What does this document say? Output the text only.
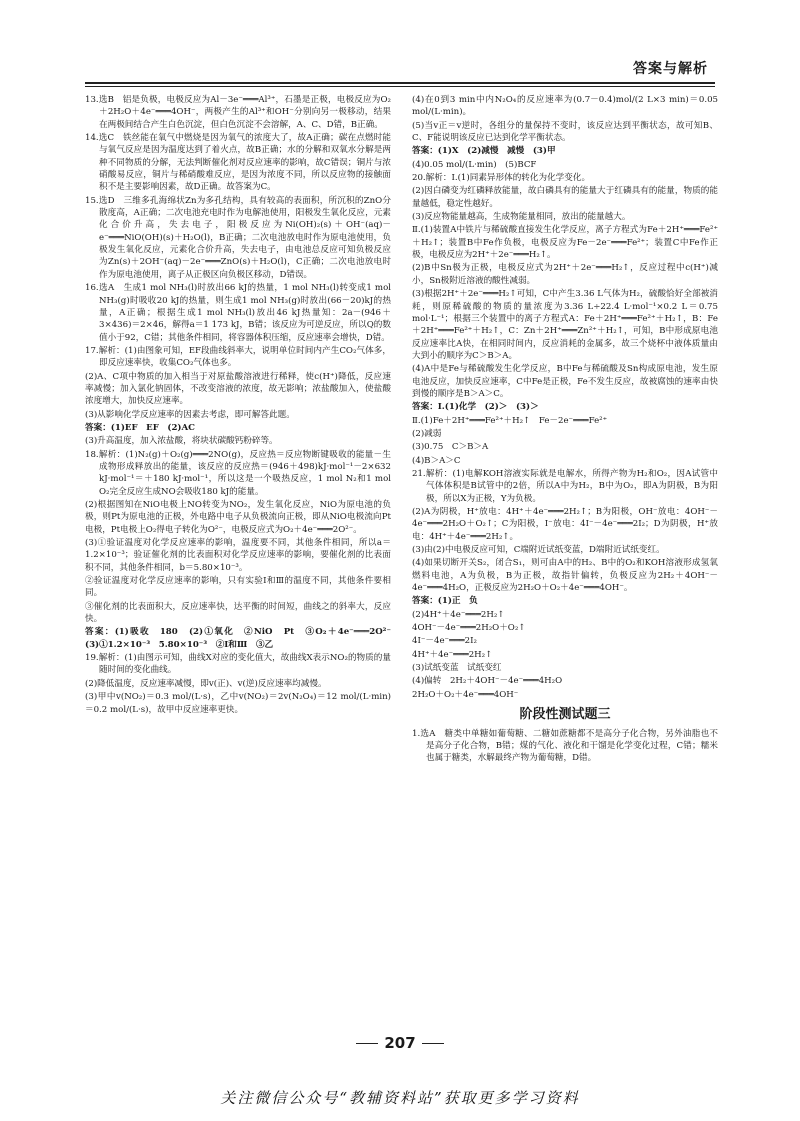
答案与解析

13.选B　铝是负极，电极反应为Al－3e⁻═══Al³⁺，石墨是正极，电极反应为O₂＋2H₂O＋4e⁻═══4OH⁻，两极产生的Al³⁺和OH⁻分别向另一极移动，结果在两极间结合产生白色沉淀，但白色沉淀不会溶解，A、C、D错，B正确。

14.选C　铁丝能在氧气中燃烧是因为氧气的浓度大了，故A正确；碳在点燃时能与氧气反应是因为温度达到了着火点，故B正确；水的分解和双氧水分解是两种不同物质的分解，无法判断催化剂对反应速率的影响，故C错误；铜片与浓硝酸易反应，铜片与稀硝酸难反应，是因为浓度不同，所以反应物的接触面积不是主要影响因素，故D正确。故答案为C。

15.选D　三维多孔海绵状Zn为多孔结构，具有较高的表面积，所沉积的ZnO分散度高，A正确；二次电池充电时作为电解池使用，阳极发生氧化反应，元素化合价升高，失去电子，阳极反应为Ni(OH)₂(s)＋OH⁻(aq)－e⁻═══NiO(OH)(s)＋H₂O(l)，B正确；二次电池放电时作为原电池使用，负极发生氧化反应，元素化合价升高，失去电子，由电池总反应可知负极反应为Zn(s)＋2OH⁻(aq)－2e⁻═══ZnO(s)＋H₂O(l)，C正确；二次电池放电时作为原电池使用，离子从正极区向负极区移动，D错误。

16.选A　生成1 mol NH₃(l)时放出66 kJ的热量，1 mol NH₃(l)转变成1 mol NH₃(g)时吸收20 kJ的热量，则生成1 mol NH₃(g)时放出(66－20)kJ的热量，A正确；根据生成1 mol NH₃(l)放出46 kJ热量知：2a－(946＋3×436)＝2×46，解得a＝1 173 kJ，B错；该反应为可逆反应，所以Q的数值小于92，C错；其他条件相同，将容器体积压缩，反应速率会增快，D错。

17.解析：(1)由图象可知，EF段曲线斜率大，说明单位时间内产生CO₂气体多，即反应速率快，收集CO₂气体也多。

(2)A、C项中物质的加入相当于对原盐酸溶液进行稀释，使c(H⁺)降低，反应速率减慢；加入氯化钠固体，不改变溶液的浓度，故无影响；浓盐酸加入，使盐酸浓度增大，加快反应速率。

(3)从影响化学反应速率的因素去考虑，即可解答此题。

答案：(1)EF　EF　(2)AC

(3)升高温度，加入浓盐酸，将块状碳酸钙粉碎等。

18.解析：(1)N₂(g)＋O₂(g)═══2NO(g)，反应热＝反应物断键吸收的能量－生成物形成释放出的能量，该反应的反应热＝(946＋498)kJ·mol⁻¹－2×632 kJ·mol⁻¹＝＋180 kJ·mol⁻¹，所以这是一个吸热反应，1 mol N₂和1 mol O₂完全反应生成NO会吸收180 kJ的能量。

(2)根据图知在NiO电极上NO转变为NO₂，发生氧化反应，NiO为原电池的负极，则Pt为原电池的正极，外电路中电子从负极流向正极，即从NiO电极流向Pt电极，Pt电极上O₂得电子转化为O²⁻，电极反应式为O₂＋4e⁻═══2O²⁻。

(3)①验证温度对化学反应速率的影响，温度要不同，其他条件相同，所以a＝1.2×10⁻³；验证催化剂的比表面积对化学反应速率的影响，要催化剂的比表面积不同，其他条件相同，b＝5.80×10⁻³。

②验证温度对化学反应速率的影响，只有实验Ⅰ和Ⅲ的温度不同，其他条件要相同。

③催化剂的比表面积大，反应速率快，达平衡的时间短，曲线之的斜率大，反应快。

答案：(1)吸收　180　(2)①氧化　②NiO　Pt　③O₂＋4e⁻═══2O²⁻　(3)①1.2×10⁻³　5.80×10⁻³　②Ⅰ和Ⅲ　③乙

19.解析：(1)由图示可知，曲线X对应的变化值大，故曲线X表示NO₂的物质的量随时间的变化曲线。

(2)降低温度，反应速率减慢，即v(正)、v(逆)反应速率均减慢。

(3)甲中v(NO₂)＝0.3 mol/(L·s)，乙中v(NO₂)＝2v(N₂O₄)＝12 mol/(L·min)＝0.2 mol/(L·s)，故甲中反应速率更快。

(4)在0到3 min中内N₂O₄的反应速率为(0.7－0.4)mol/(2 L×3 min)＝0.05 mol/(L·min)。

(5)当v正＝v逆时，各组分的量保持不变时，该反应达到平衡状态，故可知B、C、F能说明该反应已达到化学平衡状态。

答案：(1)X　(2)减慢　减慢　(3)甲

(4)0.05 mol/(L·min)　(5)BCF

20.解析：Ⅰ.(1)同素异形体的转化为化学变化。

(2)因白磷变为红磷释放能量，故白磷具有的能量大于红磷具有的能量，物质的能量越低，稳定性越好。

(3)反应物能量越高，生成物能量相同，放出的能量越大。

Ⅱ.(1)装置A中铁片与稀硫酸直接发生化学反应，离子方程式为Fe＋2H⁺═══Fe²⁺＋H₂↑；装置B中Fe作负极，电极反应为Fe－2e⁻═══Fe²⁺；装置C中Fe作正极，电极反应为2H⁺＋2e⁻═══H₂↑。

(2)B中Sn极为正极，电极反应式为2H⁺＋2e⁻═══H₂↑，反应过程中c(H⁺)减小，Sn极附近溶液的酸性减弱。

(3)根据2H⁺＋2e⁻═══H₂↑可知，C中产生3.36 L气体为H₂，硫酸恰好全部被消耗，则原稀硫酸的物质的量浓度为3.36 L÷22.4 L·mol⁻¹×0.2 L＝0.75 mol·L⁻¹；根据三个装置中的离子方程式A：Fe＋2H⁺═══Fe²⁺＋H₂↑，B：Fe＋2H⁺═══Fe²⁺＋H₂↑，C：Zn＋2H⁺═══Zn²⁺＋H₂↑，可知，B中形成原电池反应速率比A快，在相同时间内，反应消耗的金属多，故三个烧杯中液体质量由大到小的顺序为C＞B＞A。

(4)A中是Fe与稀硫酸发生化学反应，B中Fe与稀硫酸及Sn构成原电池，发生原电池反应，加快反应速率，C中Fe是正极，Fe不发生反应，故被腐蚀的速率由快到慢的顺序是B＞A＞C。

答案：Ⅰ.(1)化学　(2)＞　(3)＞

Ⅱ.(1)Fe＋2H⁺═══Fe²⁺＋H₂↑　Fe－2e⁻═══Fe²⁺

(2)减弱

(3)0.75　C＞B＞A

(4)B＞A＞C

21.解析：(1)电解KOH溶液实际就是电解水，所得产物为H₂和O₂，因A试管中气体体积是B试管中的2倍，所以A中为H₂，B中为O₂，即A为阴极，B为阳极，所以X为正极，Y为负极。

(2)A为阴极，H⁺放电：4H⁺＋4e⁻═══2H₂↑；B为阳极，OH⁻放电：4OH⁻－4e⁻═══2H₂O＋O₂↑；C为阳极，I⁻放电：4I⁻－4e⁻═══2I₂；D为阴极，H⁺放电：4H⁺＋4e⁻═══2H₂↑。

(3)由(2)中电极反应可知，C端附近试纸变蓝，D端附近试纸变红。

(4)如果切断开关S₂，闭合S₁，则可由A中的H₂、B中的O₂和KOH溶液形成氢氧燃料电池，A为负极，B为正极，故指针偏转，负极反应为2H₂＋4OH⁻－4e⁻═══4H₂O，正极反应为2H₂O＋O₂＋4e⁻═══4OH⁻。

答案：(1)正　负

(2)4H⁺＋4e⁻═══2H₂↑

4OH⁻－4e⁻═══2H₂O＋O₂↑

4I⁻－4e⁻═══2I₂

4H⁺＋4e⁻═══2H₂↑

(3)试纸变蓝　试纸变红

(4)偏转　2H₂＋4OH⁻－4e⁻═══4H₂O

2H₂O＋O₂＋4e⁻═══4OH⁻

阶段性测试题三

1.选A　糖类中单糖如葡萄糖、二糖如蔗糖都不是高分子化合物，另外油脂也不是高分子化合物，B错；煤的气化、液化和干馏是化学变化过程，C错；糯米也属于糖类，水解最终产物为葡萄糖，D错。

207
关注微信公众号“教辅资料站”获取更多学习资料
